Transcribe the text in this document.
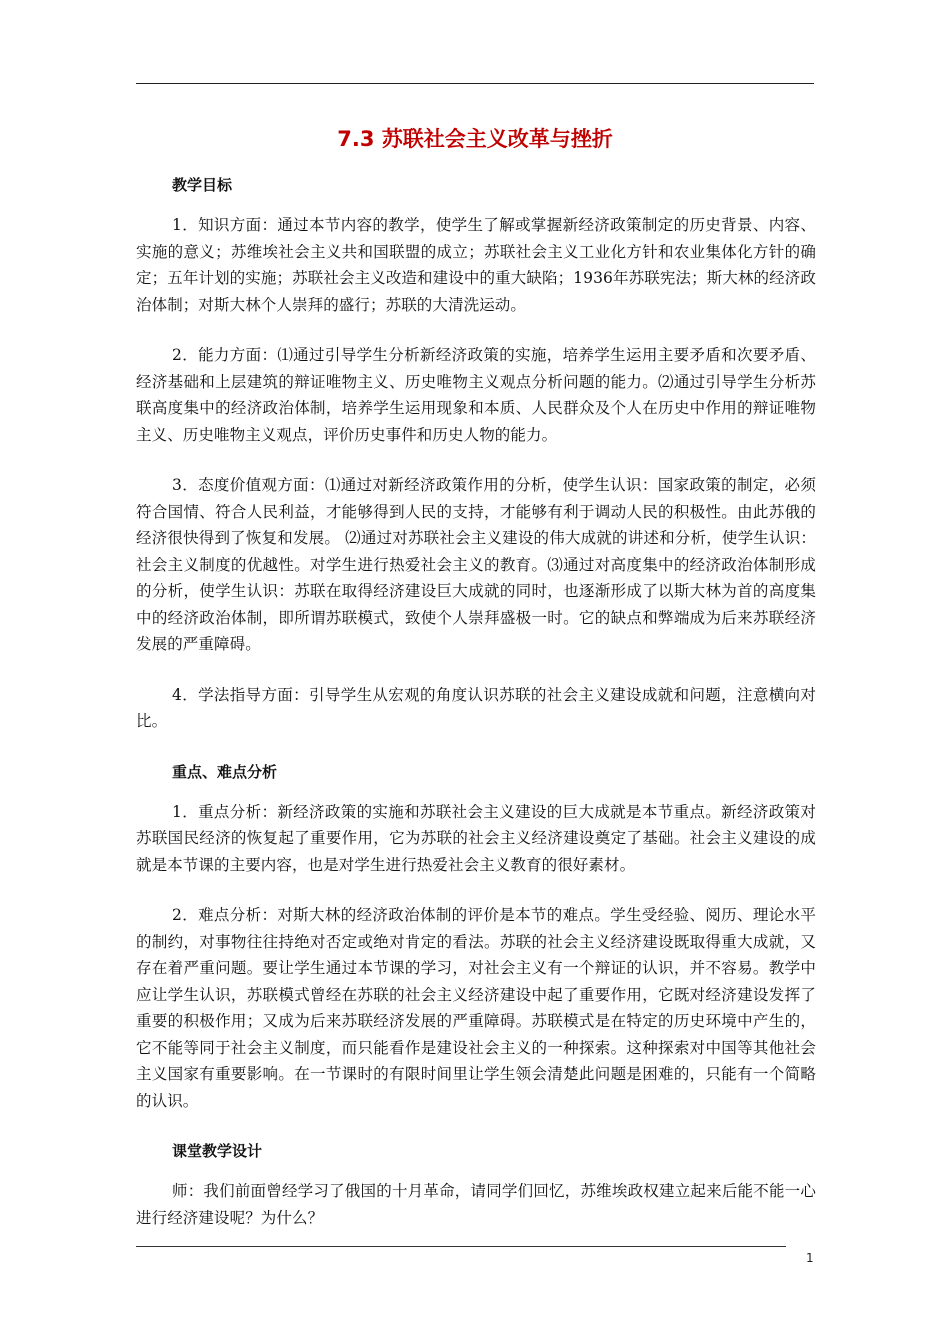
7.3 苏联社会主义改革与挫折
教学目标
1．知识方面：通过本节内容的教学，使学生了解或掌握新经济政策制定的历史背景、内容、实施的意义；苏维埃社会主义共和国联盟的成立；苏联社会主义工业化方针和农业集体化方针的确定；五年计划的实施；苏联社会主义改造和建设中的重大缺陷；1936年苏联宪法；斯大林的经济政治体制；对斯大林个人崇拜的盛行；苏联的大清洗运动。
2．能力方面：⑴通过引导学生分析新经济政策的实施，培养学生运用主要矛盾和次要矛盾、经济基础和上层建筑的辩证唯物主义、历史唯物主义观点分析问题的能力。⑵通过引导学生分析苏联高度集中的经济政治体制，培养学生运用现象和本质、人民群众及个人在历史中作用的辩证唯物主义、历史唯物主义观点，评价历史事件和历史人物的能力。
3．态度价值观方面：⑴通过对新经济政策作用的分析，使学生认识：国家政策的制定，必须符合国情、符合人民利益，才能够得到人民的支持，才能够有利于调动人民的积极性。由此苏俄的经济很快得到了恢复和发展。 ⑵通过对苏联社会主义建设的伟大成就的讲述和分析，使学生认识：社会主义制度的优越性。对学生进行热爱社会主义的教育。⑶通过对高度集中的经济政治体制形成的分析，使学生认识：苏联在取得经济建设巨大成就的同时，也逐渐形成了以斯大林为首的高度集中的经济政治体制，即所谓苏联模式，致使个人崇拜盛极一时。它的缺点和弊端成为后来苏联经济发展的严重障碍。
4．学法指导方面：引导学生从宏观的角度认识苏联的社会主义建设成就和问题，注意横向对比。
重点、难点分析
1．重点分析：新经济政策的实施和苏联社会主义建设的巨大成就是本节重点。新经济政策对苏联国民经济的恢复起了重要作用，它为苏联的社会主义经济建设奠定了基础。社会主义建设的成就是本节课的主要内容，也是对学生进行热爱社会主义教育的很好素材。
2．难点分析：对斯大林的经济政治体制的评价是本节的难点。学生受经验、阅历、理论水平的制约，对事物往往持绝对否定或绝对肯定的看法。苏联的社会主义经济建设既取得重大成就，又存在着严重问题。要让学生通过本节课的学习，对社会主义有一个辩证的认识，并不容易。教学中应让学生认识，苏联模式曾经在苏联的社会主义经济建设中起了重要作用，它既对经济建设发挥了重要的积极作用；又成为后来苏联经济发展的严重障碍。苏联模式是在特定的历史环境中产生的，它不能等同于社会主义制度，而只能看作是建设社会主义的一种探索。这种探索对中国等其他社会主义国家有重要影响。在一节课时的有限时间里让学生领会清楚此问题是困难的，只能有一个简略的认识。
课堂教学设计
师：我们前面曾经学习了俄国的十月革命，请同学们回忆，苏维埃政权建立起来后能不能一心进行经济建设呢？为什么？
1
